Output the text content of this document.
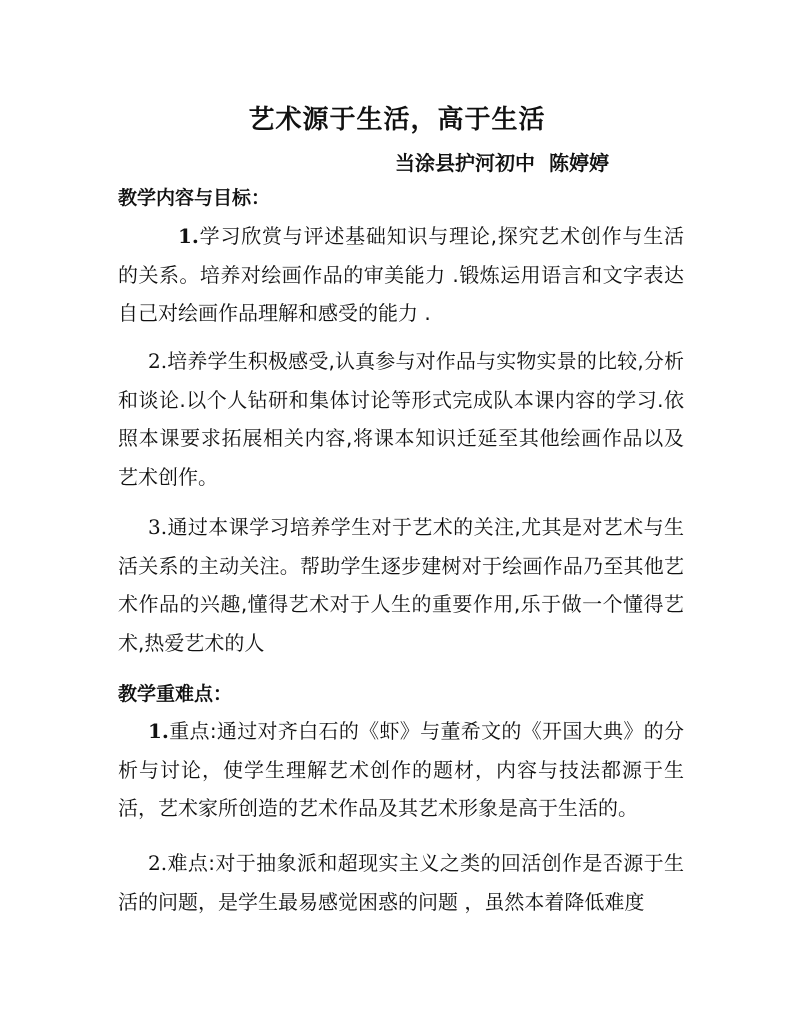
艺术源于生活，高于生活
当涂县护河初中 陈婷婷
教学内容与目标：
1.学习欣赏与评述基础知识与理论,探究艺术创作与生活的关系。培养对绘画作品的审美能力 .锻炼运用语言和文字表达自己对绘画作品理解和感受的能力 .
2.培养学生积极感受,认真参与对作品与实物实景的比较,分析和谈论.以个人钻研和集体讨论等形式完成队本课内容的学习.依照本课要求拓展相关内容,将课本知识迁延至其他绘画作品以及艺术创作。
3.通过本课学习培养学生对于艺术的关注,尤其是对艺术与生活关系的主动关注。帮助学生逐步建树对于绘画作品乃至其他艺术作品的兴趣,懂得艺术对于人生的重要作用,乐于做一个懂得艺术,热爱艺术的人
教学重难点：
1.重点:通过对齐白石的《虾》与董希文的《开国大典》的分析与讨论，使学生理解艺术创作的题材，内容与技法都源于生活，艺术家所创造的艺术作品及其艺术形象是高于生活的。
2.难点:对于抽象派和超现实主义之类的回活创作是否源于生活的问题，是学生最易感觉困惑的问题 ，虽然本着降低难度
